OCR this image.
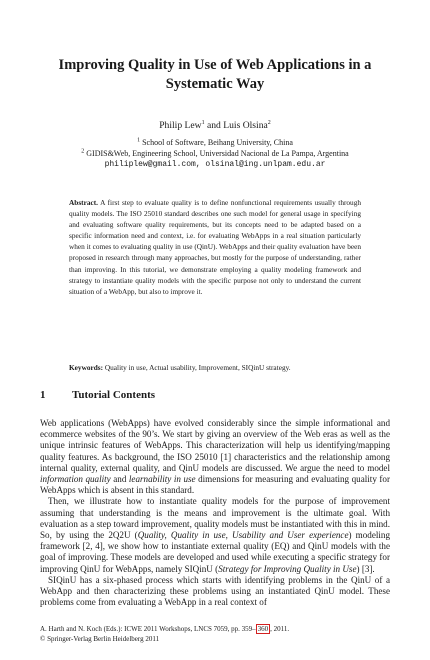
Improving Quality in Use of Web Applications in a
Systematic Way
Philip Lew$^1$ and Luis Olsina$^2$
$^1$ School of Software, Beihang University, China
$^2$ GIDIS&Web, Engineering School, Universidad Nacional de La Pampa, Argentina
philiplew@gmail.com, olsinal@ing.unlpam.edu.ar
Abstract. A first step to evaluate quality is to define nonfunctional requirements usually through quality models. The ISO 25010 standard describes one such model for general usage in specifying and evaluating software quality requirements, but its concepts need to be adapted based on a specific information need and context, i.e. for evaluating WebApps in a real situation particularly when it comes to evaluating quality in use (QinU). WebApps and their quality evaluation have been proposed in research through many approaches, but mostly for the purpose of understanding, rather than improving. In this tutorial, we demonstrate employing a quality modeling framework and strategy to instantiate quality models with the specific purpose not only to understand the current situation of a WebApp, but also to improve it.
Keywords: Quality in use, Actual usability, Improvement, SIQinU strategy.
1 Tutorial Contents

Web applications (WebApps) have evolved considerably since the simple informational and ecommerce websites of the 90’s. We start by giving an overview of the Web eras as well as the unique intrinsic features of WebApps. This characterization will help us identifying/mapping quality features. As background, the ISO 25010 [1] characteristics and the relationship among internal quality, external quality, and QinU models are discussed. We argue the need to model information quality and learnability in use dimensions for measuring and evaluating quality for WebApps which is absent in this standard.

Then, we illustrate how to instantiate quality models for the purpose of improvement assuming that understanding is the means and improvement is the ultimate goal. With evaluation as a step toward improvement, quality models must be instantiated with this in mind. So, by using the 2Q2U (Quality, Quality in use, Usability and User experience) modeling framework [2, 4], we show how to instantiate external quality (EQ) and QinU models with the goal of improving. These models are developed and used while executing a specific strategy for improving QinU for WebApps, namely SIQinU (Strategy for Improving Quality in Use) [3].

SIQinU has a six-phased process which starts with identifying problems in the QinU of a WebApp and then characterizing these problems using an instantiated QinU model. These problems come from evaluating a WebApp in a real context of

A. Harth and N. Koch (Eds.): ICWE 2011 Workshops, LNCS 7059, pp. 359– 360 , 2011.
© Springer-Verlag Berlin Heidelberg 2011
